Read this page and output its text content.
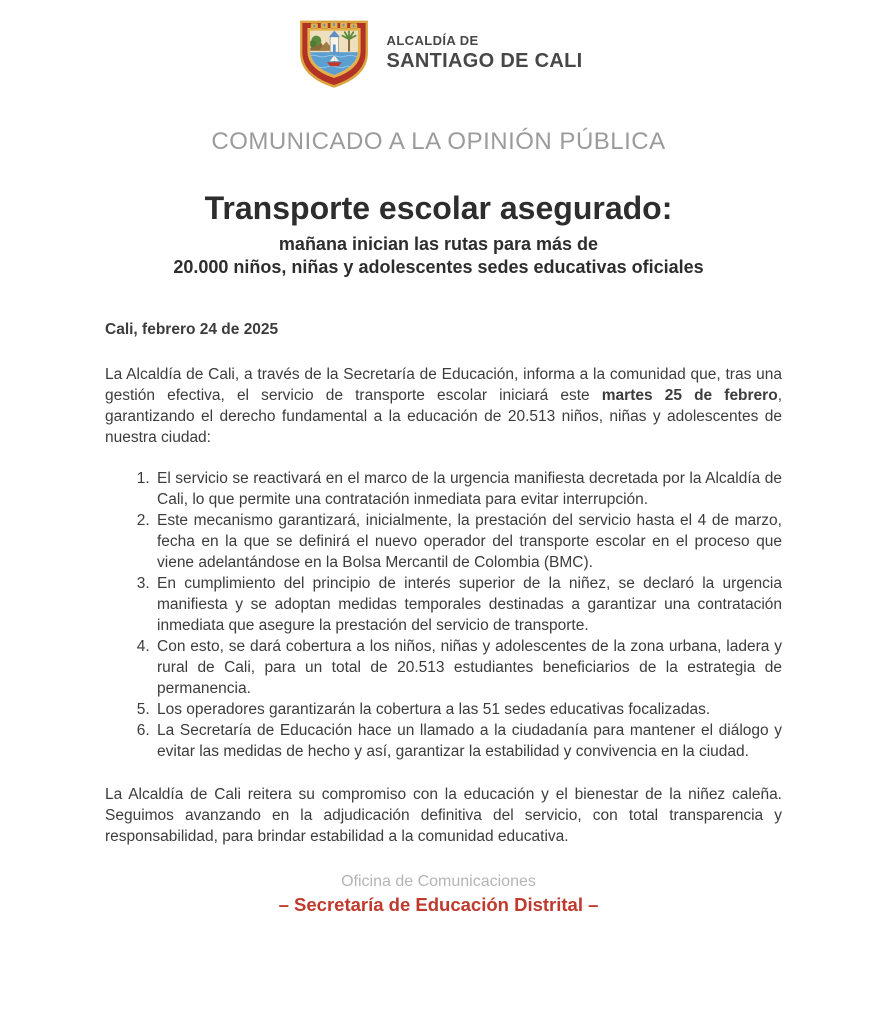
ALCALDÍA DE
SANTIAGO DE CALI
COMUNICADO A LA OPINIÓN PÚBLICA
Transporte escolar asegurado:
mañana inician las rutas para más de
20.000 niños, niñas y adolescentes sedes educativas oficiales
Cali, febrero 24 de 2025

La Alcaldía de Cali, a través de la Secretaría de Educación, informa a la comunidad que, tras una gestión efectiva, el servicio de transporte escolar iniciará este martes 25 de febrero, garantizando el derecho fundamental a la educación de 20.513 niños, niñas y adolescentes de nuestra ciudad:

1. El servicio se reactivará en el marco de la urgencia manifiesta decretada por la Alcaldía de Cali, lo que permite una contratación inmediata para evitar interrupción.
2. Este mecanismo garantizará, inicialmente, la prestación del servicio hasta el 4 de marzo, fecha en la que se definirá el nuevo operador del transporte escolar en el proceso que viene adelantándose en la Bolsa Mercantil de Colombia (BMC).
3. En cumplimiento del principio de interés superior de la niñez, se declaró la urgencia manifiesta y se adoptan medidas temporales destinadas a garantizar una contratación inmediata que asegure la prestación del servicio de transporte.
4. Con esto, se dará cobertura a los niños, niñas y adolescentes de la zona urbana, ladera y rural de Cali, para un total de 20.513 estudiantes beneficiarios de la estrategia de permanencia.
5. Los operadores garantizarán la cobertura a las 51 sedes educativas focalizadas.
6. La Secretaría de Educación hace un llamado a la ciudadanía para mantener el diálogo y evitar las medidas de hecho y así, garantizar la estabilidad y convivencia en la ciudad.

La Alcaldía de Cali reitera su compromiso con la educación y el bienestar de la niñez caleña. Seguimos avanzando en la adjudicación definitiva del servicio, con total transparencia y responsabilidad, para brindar estabilidad a la comunidad educativa.

Oficina de Comunicaciones
– Secretaría de Educación Distrital –
